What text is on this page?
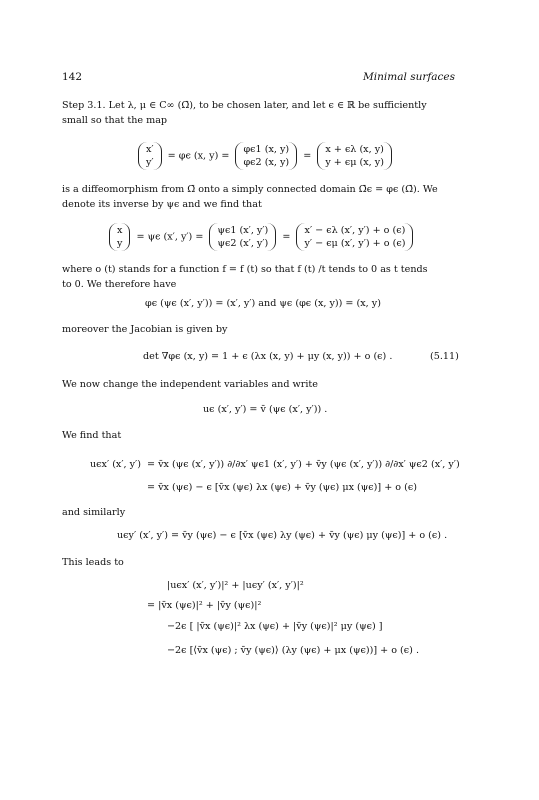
142	Minimal surfaces
Step 3.1. Let λ, μ ∈ C∞ (Ω̄), to be chosen later, and let ϵ ∈ ℝ be sufficiently
small so that the map
x′
y′ = φϵ (x, y) = φϵ1 (x, y)
φϵ2 (x, y) = x + ϵλ (x, y)
y + ϵμ (x, y)
is a diffeomorphism from Ω̄ onto a simply connected domain Ω̄ϵ = φϵ (Ω̄). We
denote its inverse by ψϵ and we find that
x
y = ψϵ (x′, y′) = ψϵ1 (x′, y′)
ψϵ2 (x′, y′) = x′ − ϵλ (x′, y′) + o (ϵ)
y′ − ϵμ (x′, y′) + o (ϵ)
where o (t) stands for a function f = f (t) so that f (t) /t tends to 0 as t tends
to 0. We therefore have
φϵ (ψϵ (x′, y′)) = (x′, y′) and ψϵ (φϵ (x, y)) = (x, y)
moreover the Jacobian is given by
det ∇φϵ (x, y) = 1 + ϵ (λx (x, y) + μy (x, y)) + o (ϵ) .	(5.11)
We now change the independent variables and write
uϵ (x′, y′) = v̄ (ψϵ (x′, y′)) .
We find that
uϵx′ (x′, y′) = v̄x (ψϵ (x′, y′)) ∂/∂x′ ψϵ1 (x′, y′) + v̄y (ψϵ (x′, y′)) ∂/∂x′ ψϵ2 (x′, y′)
= v̄x (ψϵ) − ϵ [v̄x (ψϵ) λx (ψϵ) + v̄y (ψϵ) μx (ψϵ)] + o (ϵ)
and similarly
uϵy′ (x′, y′) = v̄y (ψϵ) − ϵ [v̄x (ψϵ) λy (ψϵ) + v̄y (ψϵ) μy (ψϵ)] + o (ϵ) .
This leads to
|uϵx′ (x′, y′)|² + |uϵy′ (x′, y′)|²
= |v̄x (ψϵ)|² + |v̄y (ψϵ)|²
−2ϵ [ |v̄x (ψϵ)|² λx (ψϵ) + |v̄y (ψϵ)|² μy (ψϵ) ]
−2ϵ [⟨v̄x (ψϵ) ; v̄y (ψϵ)⟩ (λy (ψϵ) + μx (ψϵ))] + o (ϵ) .
